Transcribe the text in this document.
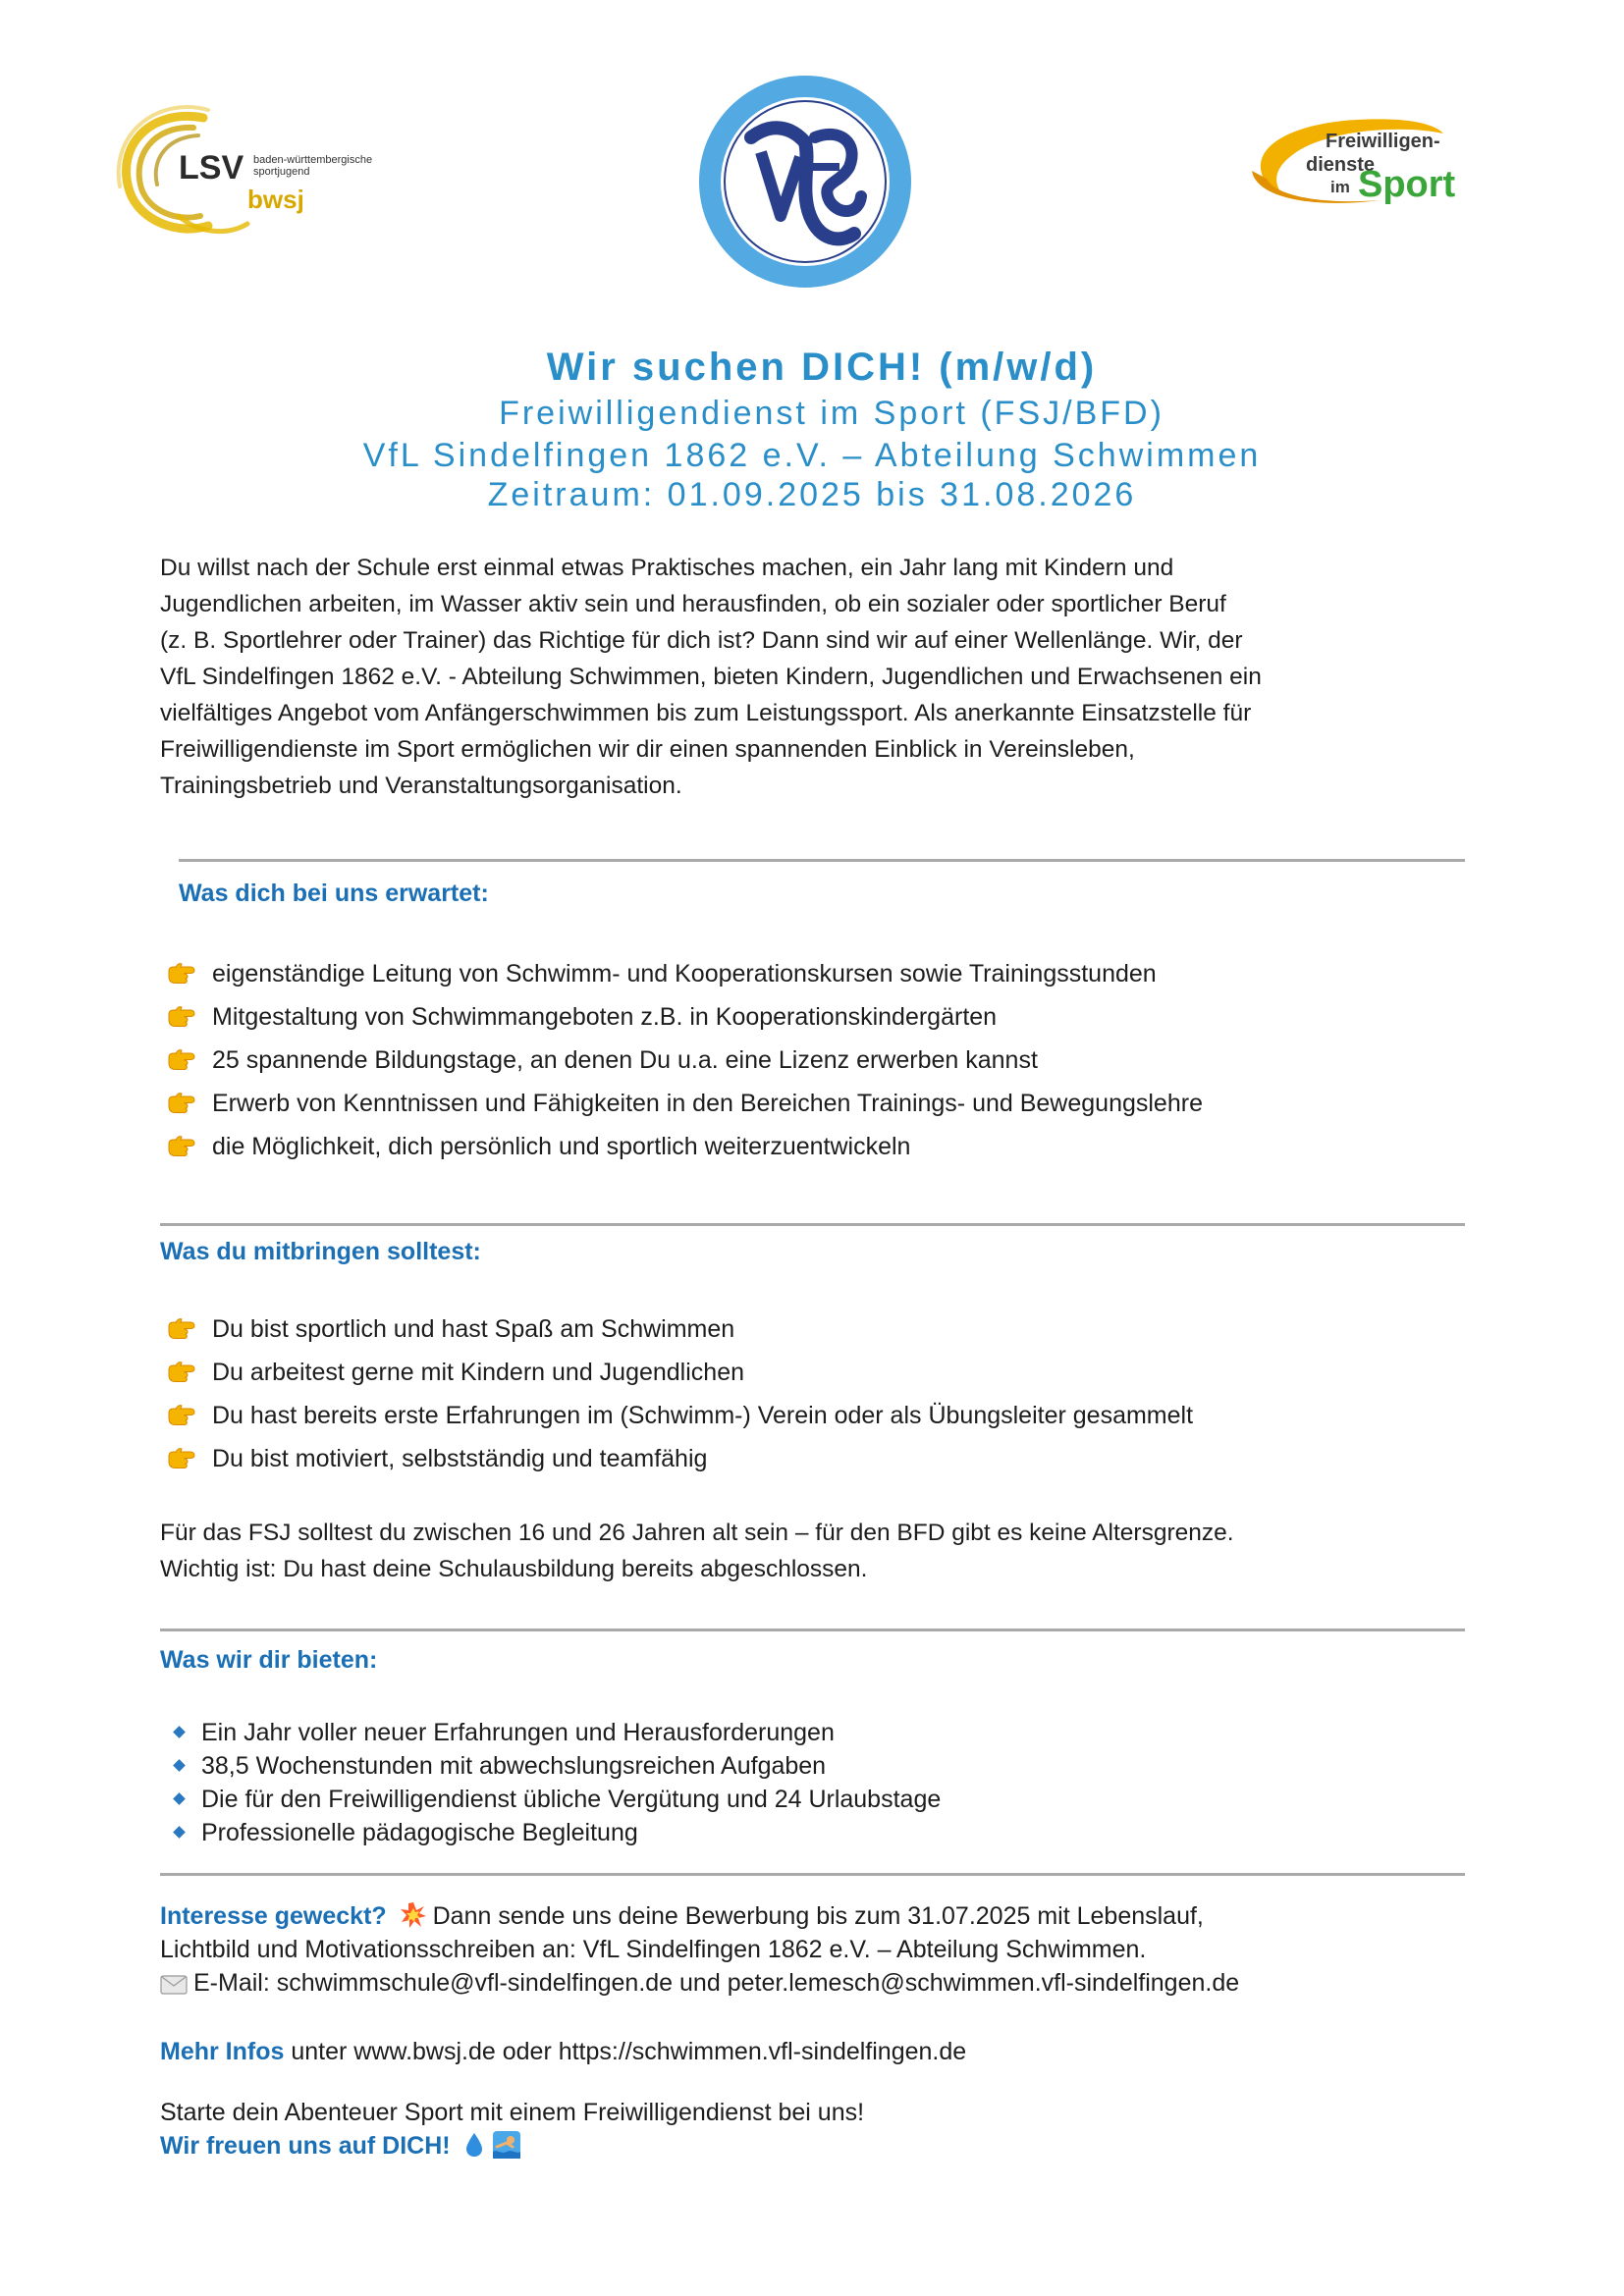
LSV baden-württembergische
sportjugend
bwsj
VfL
Freiwilligen-
dienste
im Sport
Wir suchen DICH! (m/w/d)
Freiwilligendienst im Sport (FSJ/BFD)
VfL Sindelfingen 1862 e.V. – Abteilung Schwimmen
Zeitraum: 01.09.2025 bis 31.08.2026
Du willst nach der Schule erst einmal etwas Praktisches machen, ein Jahr lang mit Kindern und
Jugendlichen arbeiten, im Wasser aktiv sein und herausfinden, ob ein sozialer oder sportlicher Beruf
(z. B. Sportlehrer oder Trainer) das Richtige für dich ist? Dann sind wir auf einer Wellenlänge. Wir, der
VfL Sindelfingen 1862 e.V. - Abteilung Schwimmen, bieten Kindern, Jugendlichen und Erwachsenen ein
vielfältiges Angebot vom Anfängerschwimmen bis zum Leistungssport. Als anerkannte Einsatzstelle für
Freiwilligendienste im Sport ermöglichen wir dir einen spannenden Einblick in Vereinsleben,
Trainingsbetrieb und Veranstaltungsorganisation.
Was dich bei uns erwartet:
eigenständige Leitung von Schwimm- und Kooperationskursen sowie Trainingsstunden
Mitgestaltung von Schwimmangeboten z.B. in Kooperationskindergärten
25 spannende Bildungstage, an denen Du u.a. eine Lizenz erwerben kannst
Erwerb von Kenntnissen und Fähigkeiten in den Bereichen Trainings- und Bewegungslehre
die Möglichkeit, dich persönlich und sportlich weiterzuentwickeln
Was du mitbringen solltest:
Du bist sportlich und hast Spaß am Schwimmen
Du arbeitest gerne mit Kindern und Jugendlichen
Du hast bereits erste Erfahrungen im (Schwimm-) Verein oder als Übungsleiter gesammelt
Du bist motiviert, selbstständig und teamfähig
Für das FSJ solltest du zwischen 16 und 26 Jahren alt sein – für den BFD gibt es keine Altersgrenze.
Wichtig ist: Du hast deine Schulausbildung bereits abgeschlossen.
Was wir dir bieten:
Ein Jahr voller neuer Erfahrungen und Herausforderungen
38,5 Wochenstunden mit abwechslungsreichen Aufgaben
Die für den Freiwilligendienst übliche Vergütung und 24 Urlaubstage
Professionelle pädagogische Begleitung
Interesse geweckt? Dann sende uns deine Bewerbung bis zum 31.07.2025 mit Lebenslauf,
Lichtbild und Motivationsschreiben an: VfL Sindelfingen 1862 e.V. – Abteilung Schwimmen.
E-Mail: schwimmschule@vfl-sindelfingen.de und peter.lemesch@schwimmen.vfl-sindelfingen.de
Mehr Infos unter www.bwsj.de oder https://schwimmen.vfl-sindelfingen.de
Starte dein Abenteuer Sport mit einem Freiwilligendienst bei uns!
Wir freuen uns auf DICH!
